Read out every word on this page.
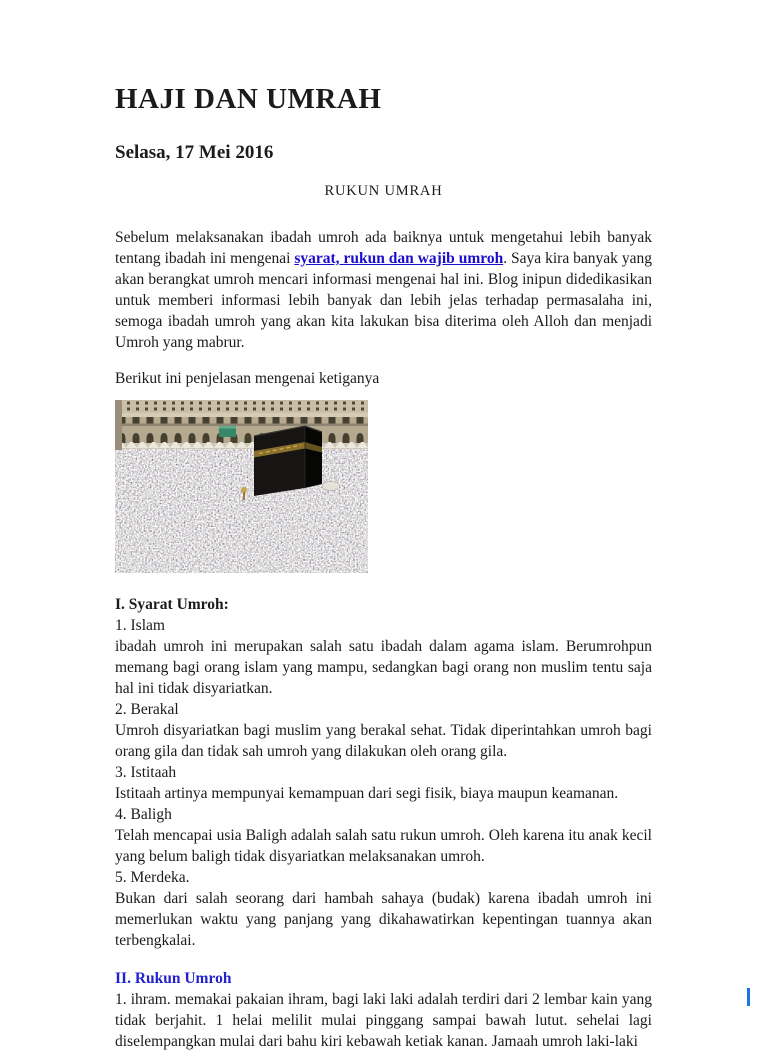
HAJI DAN UMRAH
Selasa, 17 Mei 2016
RUKUN UMRAH

Sebelum melaksanakan ibadah umroh ada baiknya untuk mengetahui lebih banyak tentang ibadah ini mengenai syarat, rukun dan wajib umroh. Saya kira banyak yang akan berangkat umroh mencari informasi mengenai hal ini. Blog inipun didedikasikan untuk memberi informasi lebih banyak dan lebih jelas terhadap permasalaha ini, semoga ibadah umroh yang akan kita lakukan bisa diterima oleh Alloh dan menjadi Umroh yang mabrur.

Berikut ini penjelasan mengenai ketiganya
I. Syarat Umroh:
1. Islam
ibadah umroh ini merupakan salah satu ibadah dalam agama islam. Berumrohpun memang bagi orang islam yang mampu, sedangkan bagi orang non muslim tentu saja hal ini tidak disyariatkan.
2. Berakal
Umroh disyariatkan bagi muslim yang berakal sehat. Tidak diperintahkan umroh bagi orang gila dan tidak sah umroh yang dilakukan oleh orang gila.
3. Istitaah
Istitaah artinya mempunyai kemampuan dari segi fisik, biaya maupun keamanan.
4. Baligh
Telah mencapai usia Baligh adalah salah satu rukun umroh. Oleh karena itu anak kecil yang belum baligh tidak disyariatkan melaksanakan umroh.
5. Merdeka.
Bukan dari salah seorang dari hambah sahaya (budak) karena ibadah umroh ini memerlukan waktu yang panjang yang dikahawatirkan kepentingan tuannya akan terbengkalai.
II. Rukun Umroh
1. ihram. memakai pakaian ihram, bagi laki laki adalah terdiri dari 2 lembar kain yang tidak berjahit. 1 helai melilit mulai pinggang sampai bawah lutut. sehelai lagi diselempangkan mulai dari bahu kiri kebawah ketiak kanan. Jamaah umroh laki-laki
